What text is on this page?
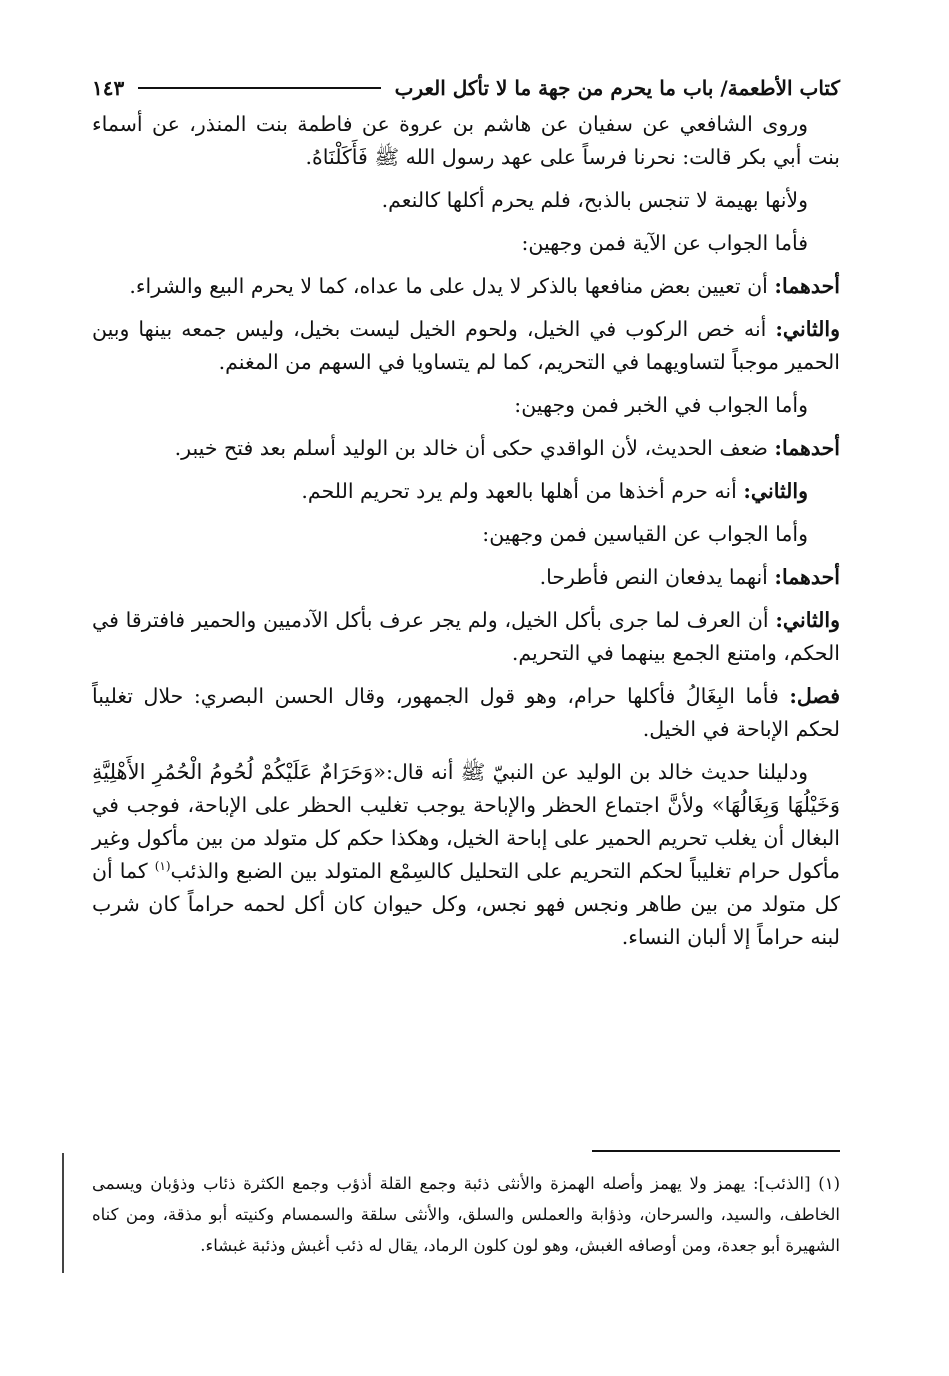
كتاب الأطعمة/ باب ما يحرم من جهة ما لا تأكل العرب
١٤٣

وروى الشافعي عن سفيان عن هاشم بن عروة عن فاطمة بنت المنذر، عن أسماء بنت أبي بكر قالت: نحرنا فرساً على عهد رسول الله ﷺ فَأَكَلْنَاهُ.

ولأنها بهيمة لا تنجس بالذبح، فلم يحرم أكلها كالنعم.

فأما الجواب عن الآية فمن وجهين:

أحدهما: أن تعيين بعض منافعها بالذكر لا يدل على ما عداه، كما لا يحرم البيع والشراء.

والثاني: أنه خص الركوب في الخيل، ولحوم الخيل ليست بخيل، وليس جمعه بينها وبين الحمير موجباً لتساويهما في التحريم، كما لم يتساويا في السهم من المغنم.

وأما الجواب في الخبر فمن وجهين:

أحدهما: ضعف الحديث، لأن الواقدي حكى أن خالد بن الوليد أسلم بعد فتح خيبر.

والثاني: أنه حرم أخذها من أهلها بالعهد ولم يرد تحريم اللحم.

وأما الجواب عن القياسين فمن وجهين:

أحدهما: أنهما يدفعان النص فأطرحا.

والثاني: أن العرف لما جرى بأكل الخيل، ولم يجر عرف بأكل الآدميين والحمير فافترقا في الحكم، وامتنع الجمع بينهما في التحريم.

فصل: فأما البِغَالُ فأكلها حرام، وهو قول الجمهور، وقال الحسن البصري: حلال تغليباً لحكم الإباحة في الخيل.

ودليلنا حديث خالد بن الوليد عن النبيّ ﷺ أنه قال:«وَحَرَامٌ عَلَيْكُمْ لُحُومُ الْحُمُرِ الأَهْلِيَّةِ وَخَيْلُهَا وَبِغَالُهَا» ولأنَّ اجتماع الحظر والإباحة يوجب تغليب الحظر على الإباحة، فوجب في البغال أن يغلب تحريم الحمير على إباحة الخيل، وهكذا حكم كل متولد من بين مأكول وغير مأكول حرام تغليباً لحكم التحريم على التحليل كالسِمْع المتولد بين الضبع والذئب$^{(١)}$ كما أن كل متولد من بين طاهر ونجس فهو نجس، وكل حيوان كان أكل لحمه حراماً كان شرب لبنه حراماً إلا ألبان النساء.

(١) [الذئب]: يهمز ولا يهمز وأصله الهمزة والأنثى ذئبة وجمع القلة أذؤب وجمع الكثرة ذئاب وذؤبان ويسمى الخاطف، والسيد، والسرحان، وذؤابة والعملس والسلق، والأنثى سلقة والسمسام وكنيته أبو مذقة، ومن كناه الشهيرة أبو جعدة، ومن أوصافه الغبش، وهو لون كلون الرماد، يقال له ذئب أغبش وذئبة غبشاء.
